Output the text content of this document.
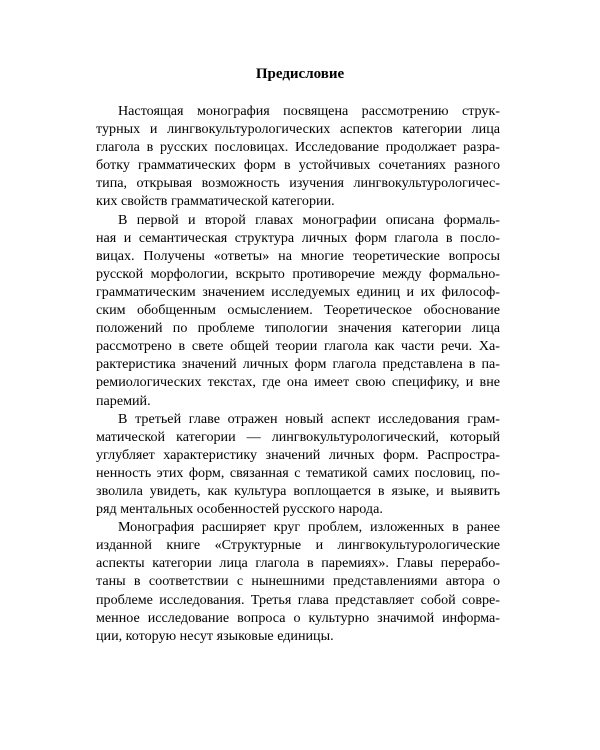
Предисловие
Настоящая монография посвящена рассмотрению струк-
турных и лингвокультурологических аспектов категории лица
глагола в русских пословицах. Исследование продолжает разра-
ботку грамматических форм в устойчивых сочетаниях разного
типа, открывая возможность изучения лингвокультурологичес-
ких свойств грамматической категории.
В первой и второй главах монографии описана формаль-
ная и семантическая структура личных форм глагола в посло-
вицах. Получены «ответы» на многие теоретические вопросы
русской морфологии, вскрыто противоречие между формально-
грамматическим значением исследуемых единиц и их философ-
ским обобщенным осмыслением. Теоретическое обоснование
положений по проблеме типологии значения категории лица
рассмотрено в свете общей теории глагола как части речи. Ха-
рактеристика значений личных форм глагола представлена в па-
ремиологических текстах, где она имеет свою специфику, и вне
паремий.
В третьей главе отражен новый аспект исследования грам-
матической категории — лингвокультурологический, который
углубляет характеристику значений личных форм. Распростра-
ненность этих форм, связанная с тематикой самих пословиц, по-
зволила увидеть, как культура воплощается в языке, и выявить
ряд ментальных особенностей русского народа.
Монография расширяет круг проблем, изложенных в ранее
изданной книге «Структурные и лингвокультурологические
аспекты категории лица глагола в паремиях». Главы перерабо-
таны в соответствии с нынешними представлениями автора о
проблеме исследования. Третья глава представляет собой совре-
менное исследование вопроса о культурно значимой информа-
ции, которую несут языковые единицы.
